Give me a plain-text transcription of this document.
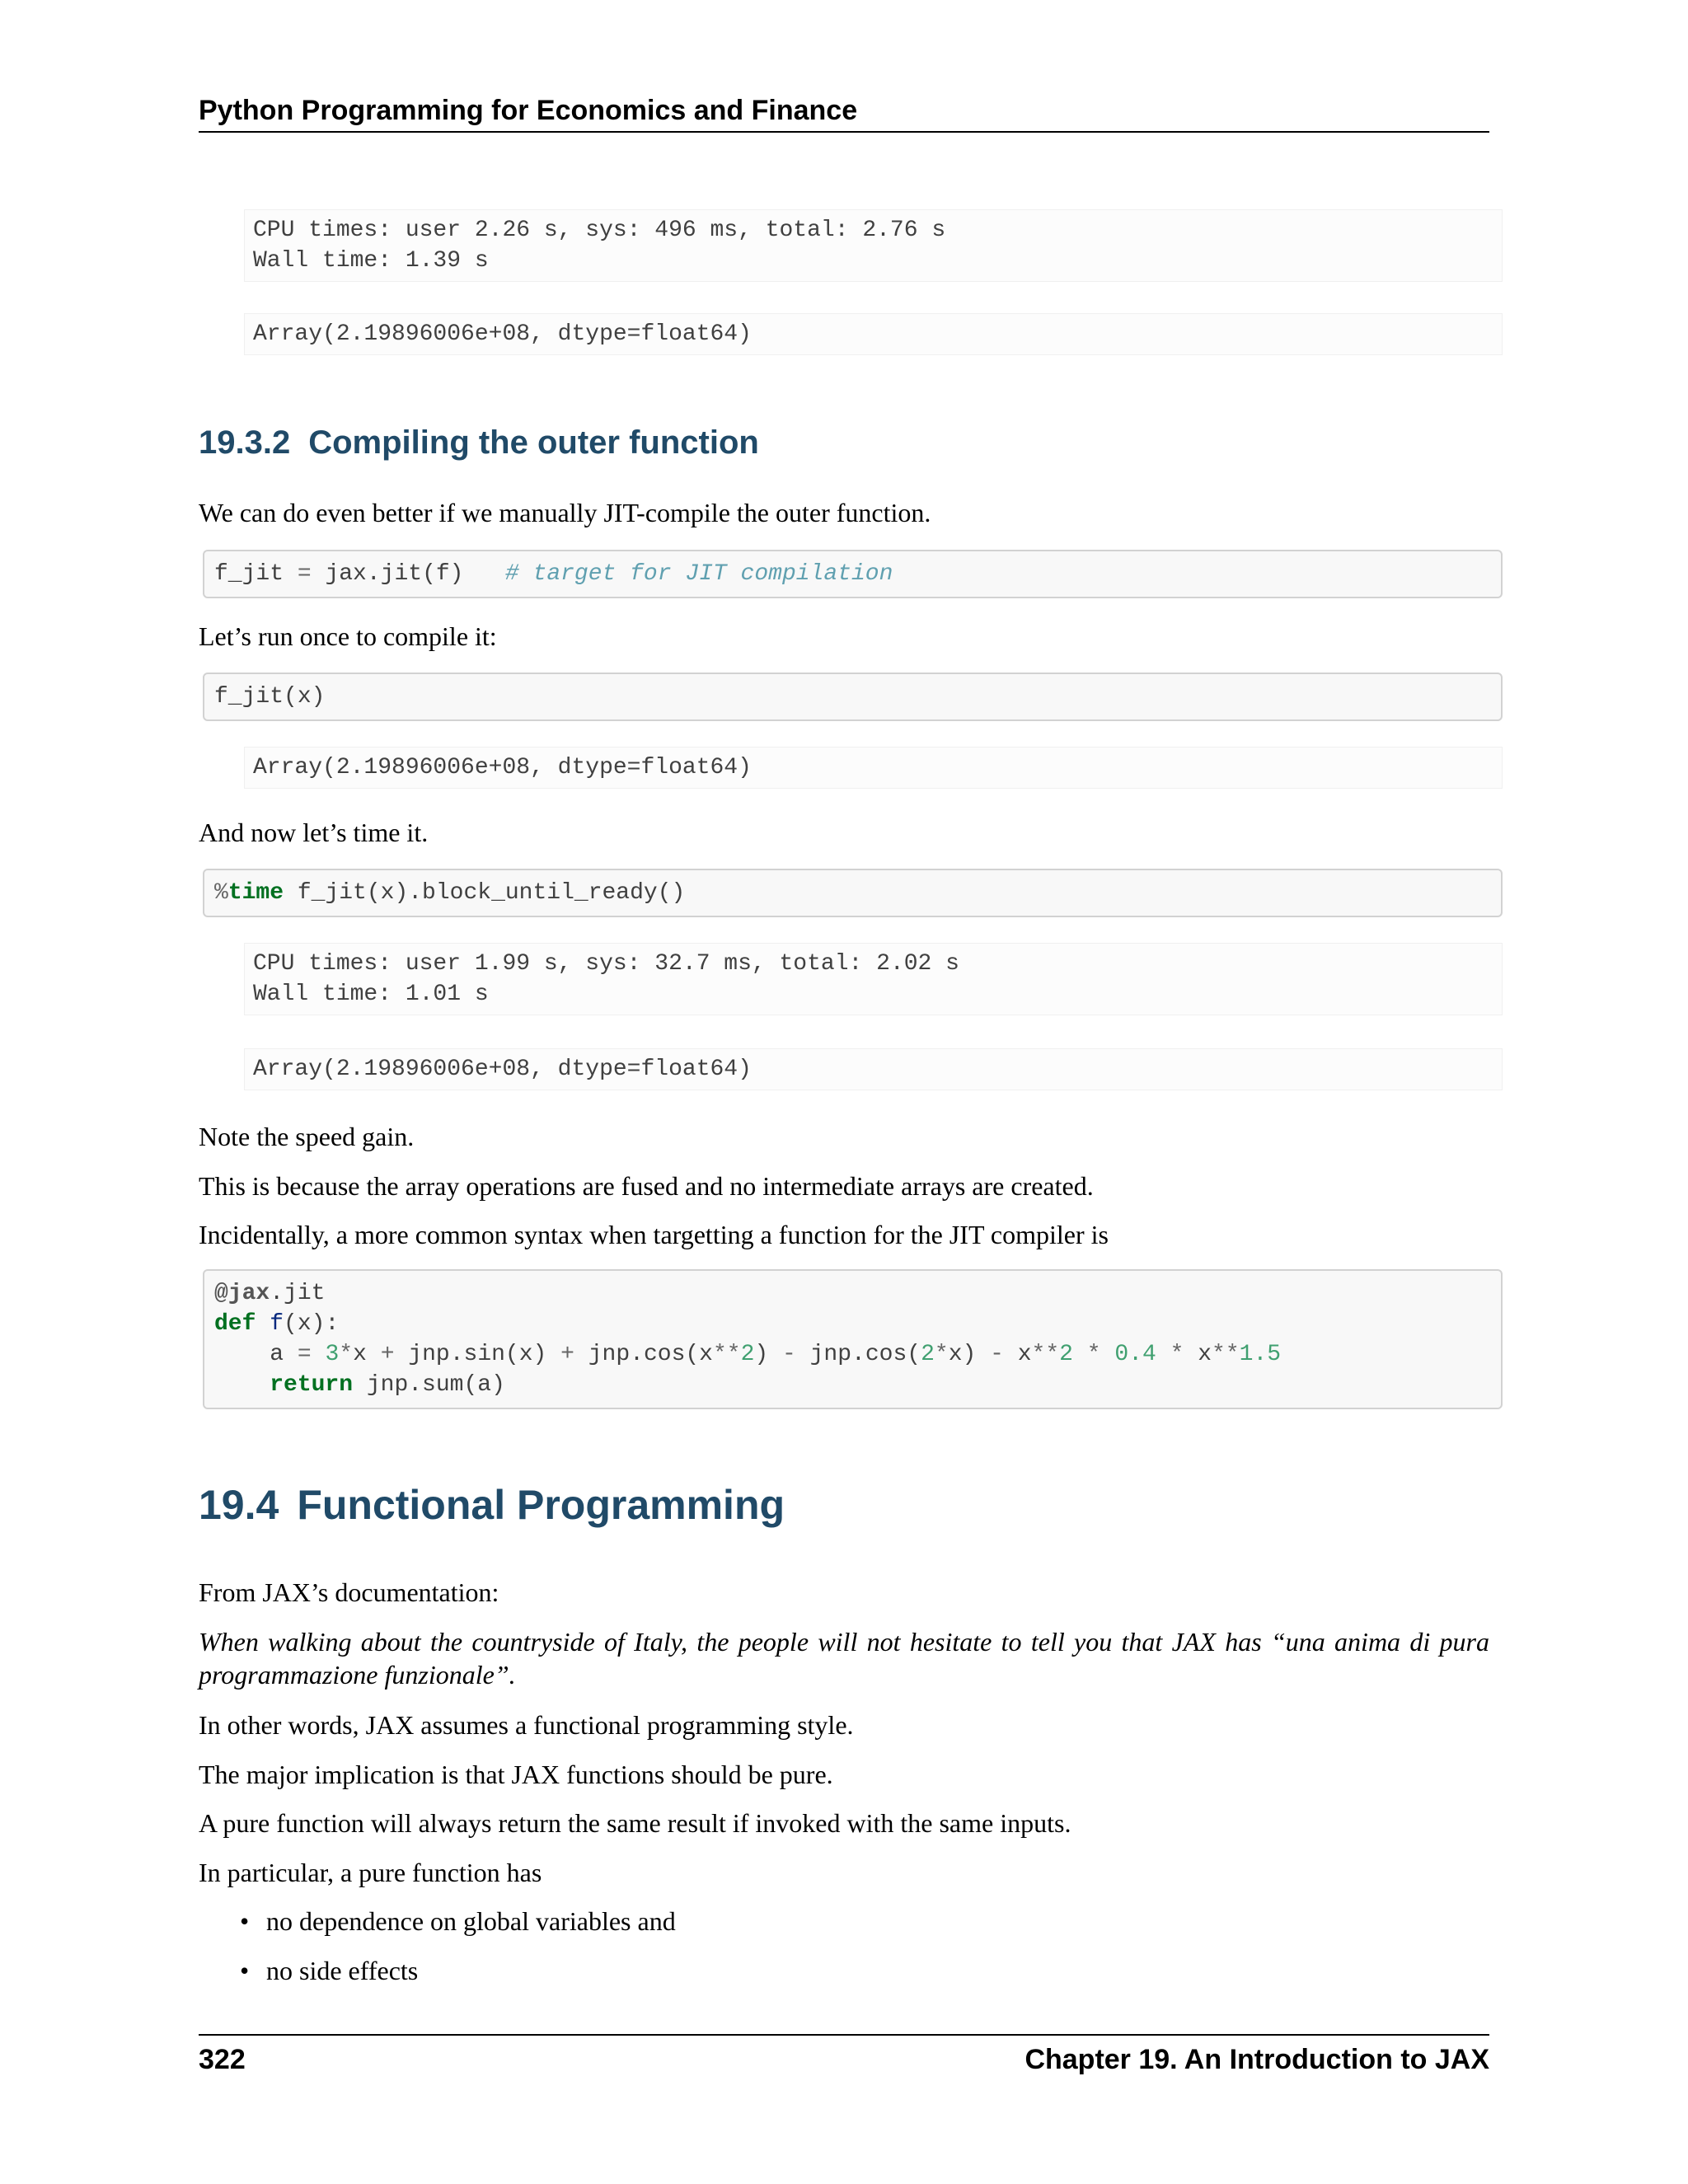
Python Programming for Economics and Finance
CPU times: user 2.26 s, sys: 496 ms, total: 2.76 s
Wall time: 1.39 s
Array(2.19896006e+08, dtype=float64)
19.3.2 Compiling the outer function

We can do even better if we manually JIT-compile the outer function.

f_jit = jax.jit(f) # target for JIT compilation

Let’s run once to compile it:

f_jit(x)
Array(2.19896006e+08, dtype=float64)

And now let’s time it.

%time f_jit(x).block_until_ready()
CPU times: user 1.99 s, sys: 32.7 ms, total: 2.02 s
Wall time: 1.01 s
Array(2.19896006e+08, dtype=float64)

Note the speed gain.

This is because the array operations are fused and no intermediate arrays are created.

Incidentally, a more common syntax when targetting a function for the JIT compiler is

@jax.jit
def f(x):
a = 3*x + jnp.sin(x) + jnp.cos(x**2) - jnp.cos(2*x) - x**2 * 0.4 * x**1.5
return jnp.sum(a)
19.4 Functional Programming

From JAX’s documentation:

When walking about the countryside of Italy, the people will not hesitate to tell you that JAX has “una anima di pura programmazione funzionale”.

In other words, JAX assumes a functional programming style.

The major implication is that JAX functions should be pure.

A pure function will always return the same result if invoked with the same inputs.

In particular, a pure function has

• no dependence on global variables and
• no side effects
322	Chapter 19. An Introduction to JAX
